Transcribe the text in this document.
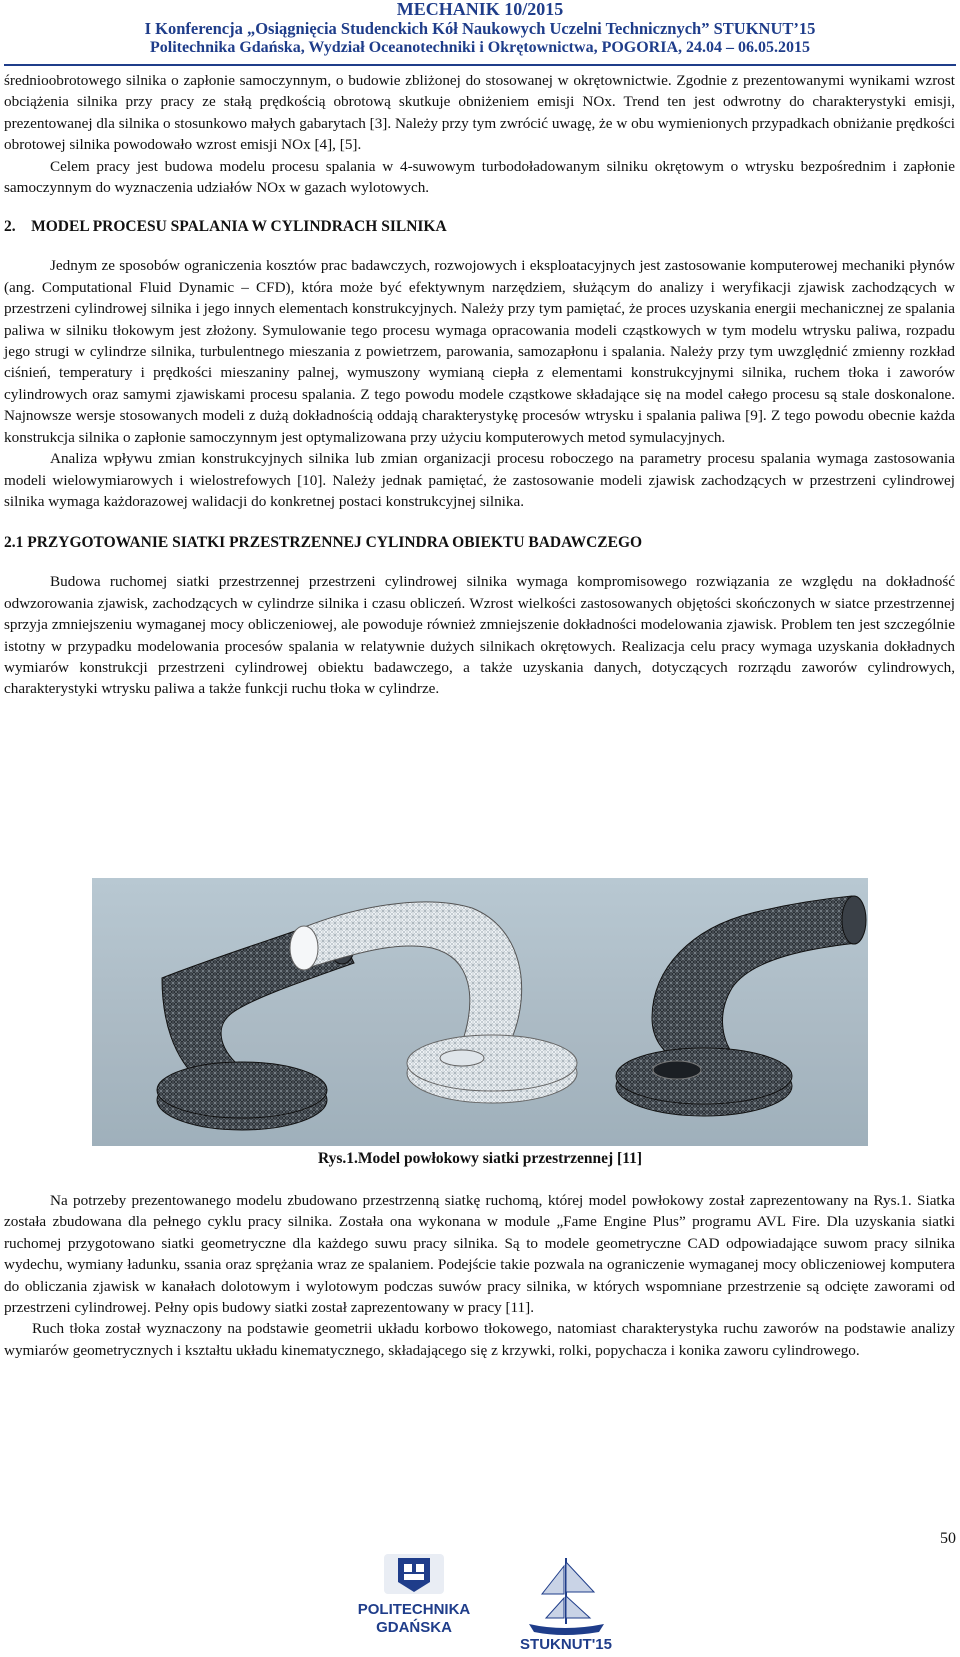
MECHANIK 10/2015
I Konferencja „Osiągnięcia Studenckich Kół Naukowych Uczelni Technicznych” STUKNUT’15
Politechnika Gdańska, Wydział Oceanotechniki i Okrętownictwa, POGORIA, 24.04 – 06.05.2015

średnioobrotowego silnika o zapłonie samoczynnym, o budowie zbliżonej do stosowanej w okrętownictwie. Zgodnie z prezentowanymi wynikami wzrost obciążenia silnika przy pracy ze stałą prędkością obrotową skutkuje obniżeniem emisji NOx. Trend ten jest odwrotny do charakterystyki emisji, prezentowanej dla silnika o stosunkowo małych gabarytach [3]. Należy przy tym zwrócić uwagę, że w obu wymienionych przypadkach obniżanie prędkości obrotowej silnika powodowało wzrost emisji NOx [4], [5].

Celem pracy jest budowa modelu procesu spalania w 4-suwowym turbodoładowanym silniku okrętowym o wtrysku bezpośrednim i zapłonie samoczynnym do wyznaczenia udziałów NOx w gazach wylotowych.

2. MODEL PROCESU SPALANIA W CYLINDRACH SILNIKA

Jednym ze sposobów ograniczenia kosztów prac badawczych, rozwojowych i eksploatacyjnych jest zastosowanie komputerowej mechaniki płynów (ang. Computational Fluid Dynamic – CFD), która może być efektywnym narzędziem, służącym do analizy i weryfikacji zjawisk zachodzących w przestrzeni cylindrowej silnika i jego innych elementach konstrukcyjnych. Należy przy tym pamiętać, że proces uzyskania energii mechanicznej ze spalania paliwa w silniku tłokowym jest złożony. Symulowanie tego procesu wymaga opracowania modeli cząstkowych w tym modelu wtrysku paliwa, rozpadu jego strugi w cylindrze silnika, turbulentnego mieszania z powietrzem, parowania, samozapłonu i spalania. Należy przy tym uwzględnić zmienny rozkład ciśnień, temperatury i prędkości mieszaniny palnej, wymuszony wymianą ciepła z elementami konstrukcyjnymi silnika, ruchem tłoka i zaworów cylindrowych oraz samymi zjawiskami procesu spalania. Z tego powodu modele cząstkowe składające się na model całego procesu są stale doskonalone. Najnowsze wersje stosowanych modeli z dużą dokładnością oddają charakterystykę procesów wtrysku i spalania paliwa [9]. Z tego powodu obecnie każda konstrukcja silnika o zapłonie samoczynnym jest optymalizowana przy użyciu komputerowych metod symulacyjnych.

Analiza wpływu zmian konstrukcyjnych silnika lub zmian organizacji procesu roboczego na parametry procesu spalania wymaga zastosowania modeli wielowymiarowych i wielostrefowych [10]. Należy jednak pamiętać, że zastosowanie modeli zjawisk zachodzących w przestrzeni cylindrowej silnika wymaga każdorazowej walidacji do konkretnej postaci konstrukcyjnej silnika.

2.1 PRZYGOTOWANIE SIATKI PRZESTRZENNEJ CYLINDRA OBIEKTU BADAWCZEGO

Budowa ruchomej siatki przestrzennej przestrzeni cylindrowej silnika wymaga kompromisowego rozwiązania ze względu na dokładność odwzorowania zjawisk, zachodzących w cylindrze silnika i czasu obliczeń. Wzrost wielkości zastosowanych objętości skończonych w siatce przestrzennej sprzyja zmniejszeniu wymaganej mocy obliczeniowej, ale powoduje również zmniejszenie dokładności modelowania zjawisk. Problem ten jest szczególnie istotny w przypadku modelowania procesów spalania w relatywnie dużych silnikach okrętowych. Realizacja celu pracy wymaga uzyskania dokładnych wymiarów konstrukcji przestrzeni cylindrowej obiektu badawczego, a także uzyskania danych, dotyczących rozrządu zaworów cylindrowych, charakterystyki wtrysku paliwa a także funkcji ruchu tłoka w cylindrze.

Rys.1.Model powłokowy siatki przestrzennej [11]

Na potrzeby prezentowanego modelu zbudowano przestrzenną siatkę ruchomą, której model powłokowy został zaprezentowany na Rys.1. Siatka została zbudowana dla pełnego cyklu pracy silnika. Została ona wykonana w module „Fame Engine Plus” programu AVL Fire. Dla uzyskania siatki ruchomej przygotowano siatki geometryczne dla każdego suwu pracy silnika. Są to modele geometryczne CAD odpowiadające suwom pracy silnika wydechu, wymiany ładunku, ssania oraz sprężania wraz ze spalaniem. Podejście takie pozwala na ograniczenie wymaganej mocy obliczeniowej komputera do obliczania zjawisk w kanałach dolotowym i wylotowym podczas suwów pracy silnika, w których wspomniane przestrzenie są odcięte zaworami od przestrzeni cylindrowej. Pełny opis budowy siatki został zaprezentowany w pracy [11].

Ruch tłoka został wyznaczony na podstawie geometrii układu korbowo tłokowego, natomiast charakterystyka ruchu zaworów na podstawie analizy wymiarów geometrycznych i kształtu układu kinematycznego, składającego się z krzywki, rolki, popychacza i konika zaworu cylindrowego.

50
POLITECHNIKA
GDAŃSKA
STUKNUT'15
